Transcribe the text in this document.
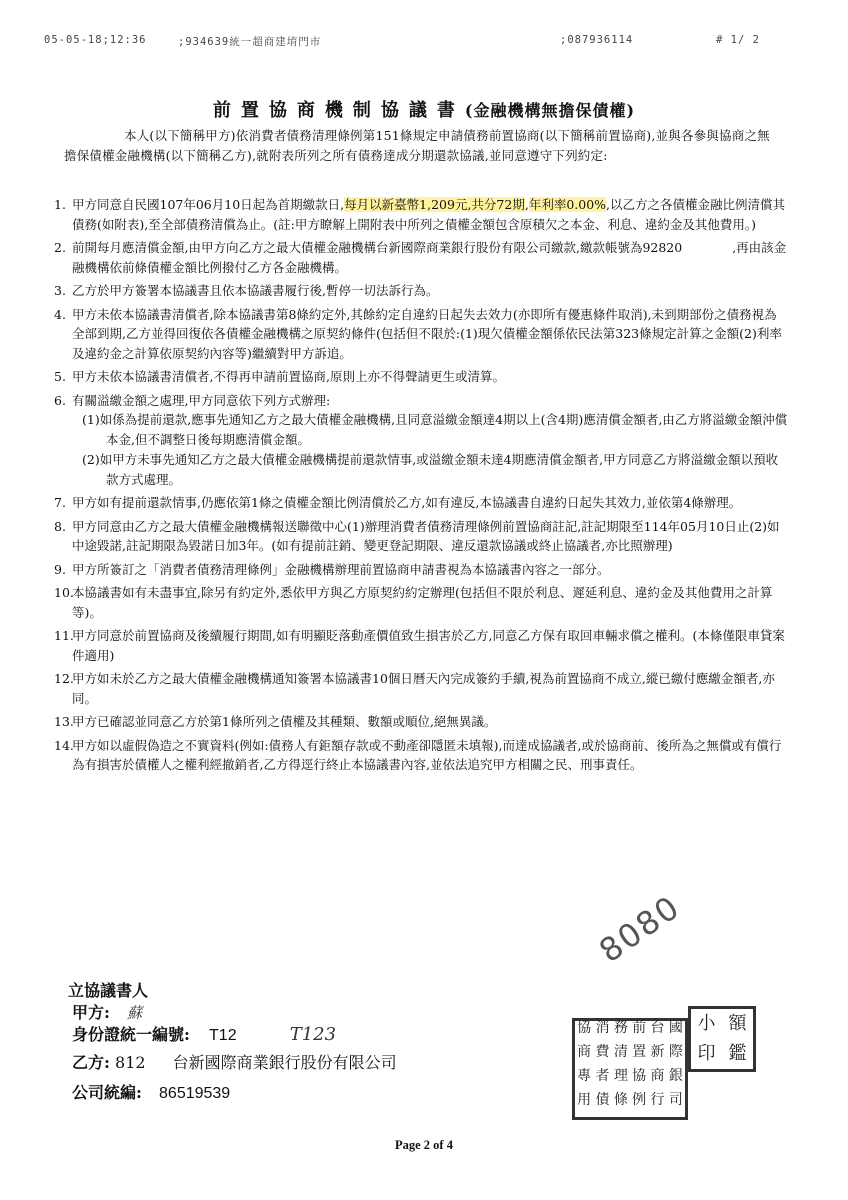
05-05-18;12:36	;934639統一超商建堉門市	;087936114	# 1/ 2
前置協商機制協議書(金融機構無擔保債權)
本人(以下簡稱甲方)依消費者債務清理條例第151條規定申請債務前置協商(以下簡稱前置協商),並與各參與協商之無擔保債權金融機構(以下簡稱乙方),就附表所列之所有債務達成分期還款協議,並同意遵守下列約定:
1. 甲方同意自民國107年06月10日起為首期繳款日,每月以新臺幣1,209元,共分72期,年利率0.00%,以乙方之各債權金融比例清償其債務(如附表),至全部債務清償為止。(註:甲方瞭解上開附表中所列之債權金額包含原積欠之本金、利息、違約金及其他費用。)
2. 前開每月應清償金額,由甲方向乙方之最大債權金融機構台新國際商業銀行股份有限公司繳款,繳款帳號為92820　　　　,再由該金融機構依前條債權金額比例撥付乙方各金融機構。
3. 乙方於甲方簽署本協議書且依本協議書履行後,暫停一切法訴行為。
4. 甲方未依本協議書清償者,除本協議書第8條約定外,其餘約定自違約日起失去效力(亦即所有優惠條件取消),未到期部份之債務視為全部到期,乙方並得回復依各債權金融機構之原契約條件(包括但不限於:(1)現欠債權金額係依民法第323條規定計算之金額(2)利率及違約金之計算依原契約內容等)繼續對甲方訴追。
5. 甲方未依本協議書清償者,不得再申請前置協商,原則上亦不得聲請更生或清算。
6. 有關溢繳金額之處理,甲方同意依下列方式辦理:
(1)如係為提前還款,應事先通知乙方之最大債權金融機構,且同意溢繳金額達4期以上(含4期)應清償金額者,由乙方將溢繳金額沖償本金,但不調整日後每期應清償金額。
(2)如甲方未事先通知乙方之最大債權金融機構提前還款情事,或溢繳金額未達4期應清償金額者,甲方同意乙方將溢繳金額以預收款方式處理。
7. 甲方如有提前還款情事,仍應依第1條之債權金額比例清償於乙方,如有違反,本協議書自違約日起失其效力,並依第4條辦理。
8. 甲方同意由乙方之最大債權金融機構報送聯徵中心(1)辦理消費者債務清理條例前置協商註記,註記期限至114年05月10日止(2)如中途毀諾,註記期限為毀諾日加3年。(如有提前註銷、變更登記期限、違反還款協議或終止協議者,亦比照辦理)
9. 甲方所簽訂之「消費者債務清理條例」金融機構辦理前置協商申請書視為本協議書內容之一部分。
10.
本協議書如有未盡事宜,除另有約定外,悉依甲方與乙方原契約約定辦理(包括但不限於利息、遲延利息、違約金及其他費用之計算等)。
11.
甲方同意於前置協商及後續履行期間,如有明顯貶落動產價值致生損害於乙方,同意乙方保有取回車輛求償之權利。(本條僅限車貸案件適用)
12.
甲方如未於乙方之最大債權金融機構通知簽署本協議書10個日曆天內完成簽約手續,視為前置協商不成立,縱已繳付應繳金額者,亦同。
13.
甲方已確認並同意乙方於第1條所列之債權及其種類、數額或順位,絕無異議。
14.
甲方如以虛假偽造之不實資料(例如:債務人有鉅額存款或不動產卻隱匿未填報),而達成協議者,或於協商前、後所為之無償或有償行為有損害於債權人之權利經撤銷者,乙方得逕行終止本協議書內容,並依法追究甲方相關之民、刑事責任。
立協議書人
甲方: 蘇
身份證統一編號: T12	T123
乙方: 812 台新國際商業銀行股份有限公司
公司統編: 86519539
8080
協 消 務 前 台 國
商 費 清 置 新 際
專 者 理 協 商 銀
用 債 條 例 行 司
小 額
印 鑑
Page 2 of 4
